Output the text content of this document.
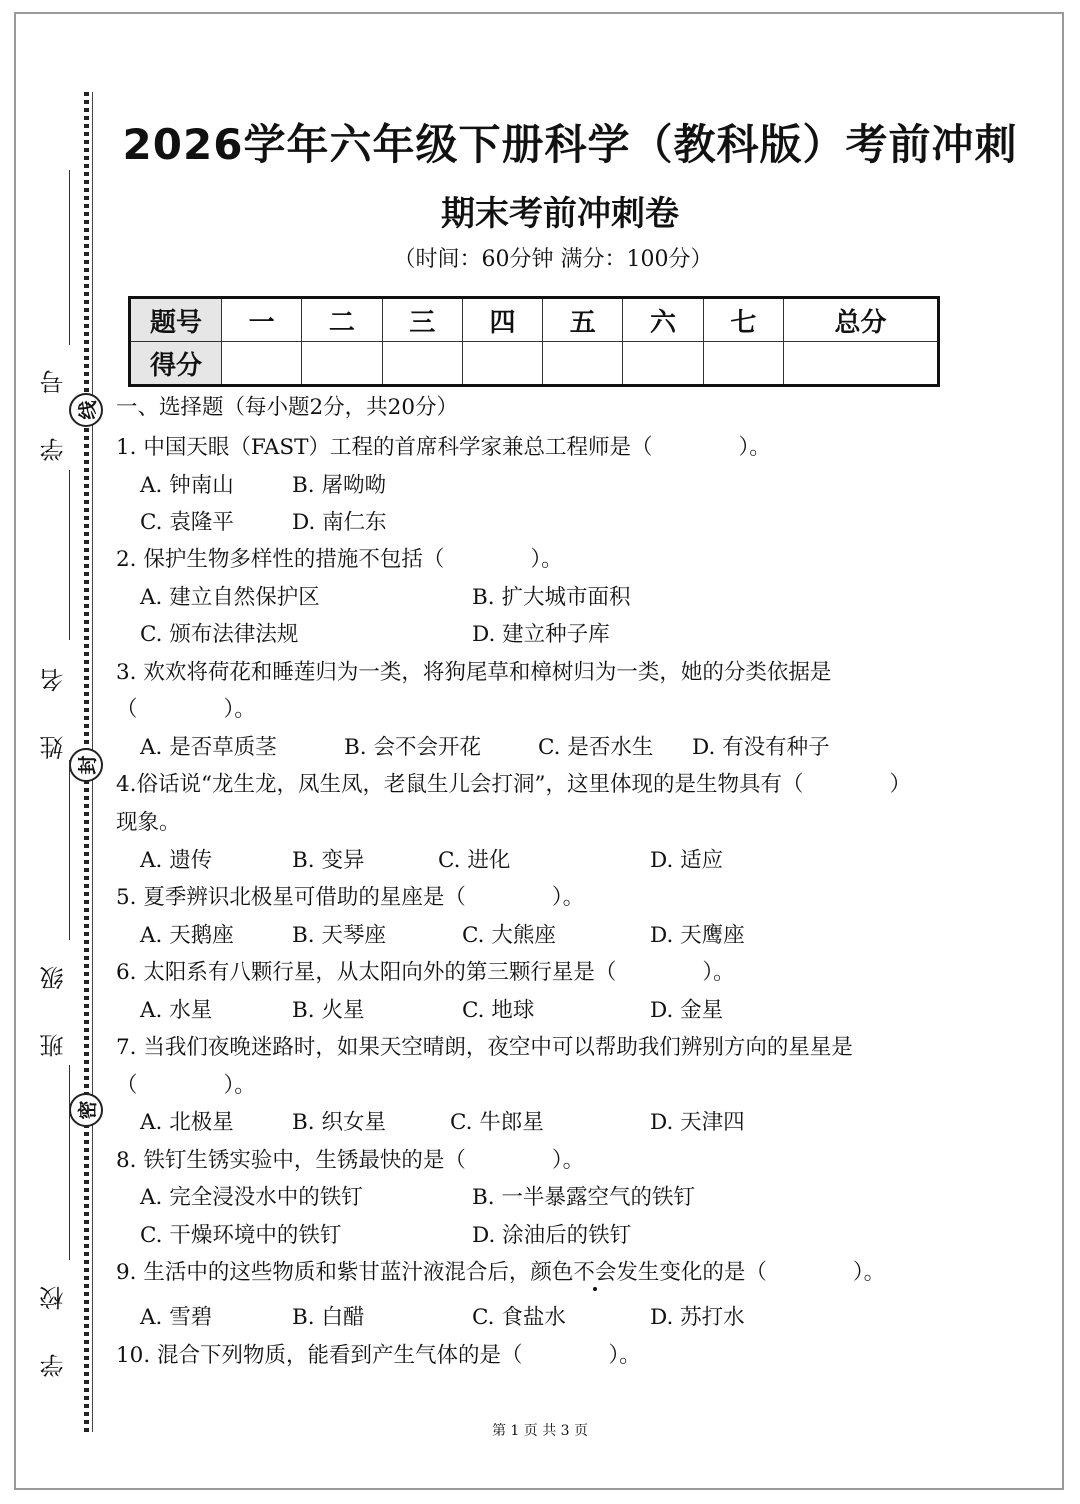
线
封
密
学 号
姓 名
班 级
学 校
2026学年六年级下册科学（教科版）考前冲刺
期末考前冲刺卷
（时间：60分钟 满分：100分）
题号	一	二	三	四	五	六	七	总分
得分								
一、选择题（每小题2分，共20分）
1. 中国天眼（FAST）工程的首席科学家兼总工程师是（　　　　）。
A. 钟南山	B. 屠呦呦
C. 袁隆平	D. 南仁东
2. 保护生物多样性的措施不包括（　　　　）。
A. 建立自然保护区	B. 扩大城市面积
C. 颁布法律法规	D. 建立种子库
3. 欢欢将荷花和睡莲归为一类，将狗尾草和樟树归为一类，她的分类依据是
（　　　　）。
A. 是否草质茎	B. 会不会开花	C. 是否水生 D. 有没有种子
4.俗话说“龙生龙，凤生凤，老鼠生儿会打洞”，这里体现的是生物具有（　　　　）
现象。
A. 遗传	B. 变异	C. 进化	D. 适应
5. 夏季辨识北极星可借助的星座是（　　　　）。
A. 天鹅座	B. 天琴座	C. 大熊座	D. 天鹰座
6. 太阳系有八颗行星，从太阳向外的第三颗行星是（　　　　）。
A. 水星	B. 火星	C. 地球	D. 金星
7. 当我们夜晚迷路时，如果天空晴朗，夜空中可以帮助我们辨别方向的星星是
（　　　　）。
A. 北极星	B. 织女星	C. 牛郎星	D. 天津四
8. 铁钉生锈实验中，生锈最快的是（　　　　）。
A. 完全浸没水中的铁钉	B. 一半暴露空气的铁钉
C. 干燥环境中的铁钉	D. 涂油后的铁钉
9. 生活中的这些物质和紫甘蓝汁液混合后，颜色不会发生变化的是（　　　　）。
A. 雪碧	B. 白醋	C. 食盐水	D. 苏打水
10. 混合下列物质，能看到产生气体的是（　　　　）。
第 1 页 共 3 页
